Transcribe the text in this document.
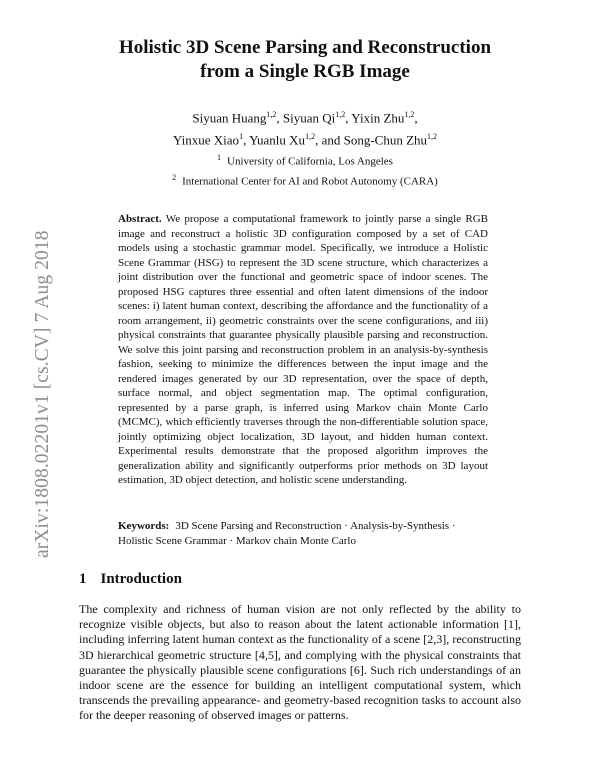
arXiv:1808.02201v1 [cs.CV] 7 Aug 2018
Holistic 3D Scene Parsing and Reconstruction
from a Single RGB Image
Siyuan Huang$^{1,2}$, Siyuan Qi$^{1,2}$, Yixin Zhu$^{1,2}$,
Yinxue Xiao$^1$, Yuanlu Xu$^{1,2}$, and Song-Chun Zhu$^{1,2}$
$^1$ University of California, Los Angeles
$^2$ International Center for AI and Robot Autonomy (CARA)
Abstract. We propose a computational framework to jointly parse a single RGB image and reconstruct a holistic 3D configuration composed by a set of CAD models using a stochastic grammar model. Specifically, we introduce a Holistic Scene Grammar (HSG) to represent the 3D scene structure, which characterizes a joint distribution over the functional and geometric space of indoor scenes. The proposed HSG captures three essential and often latent dimensions of the indoor scenes: i) latent human context, describing the affordance and the functionality of a room arrangement, ii) geometric constraints over the scene configurations, and iii) physical constraints that guarantee physically plausible parsing and reconstruction. We solve this joint parsing and reconstruction problem in an analysis-by-synthesis fashion, seeking to minimize the differences between the input image and the rendered images generated by our 3D representation, over the space of depth, surface normal, and object segmentation map. The optimal configuration, represented by a parse graph, is inferred using Markov chain Monte Carlo (MCMC), which efficiently traverses through the non-differentiable solution space, jointly optimizing object localization, 3D layout, and hidden human context. Experimental results demonstrate that the proposed algorithm improves the generalization ability and significantly outperforms prior methods on 3D layout estimation, 3D object detection, and holistic scene understanding.
Keywords: 3D Scene Parsing and Reconstruction · Analysis-by-Synthesis · Holistic Scene Grammar · Markov chain Monte Carlo
1 Introduction

The complexity and richness of human vision are not only reflected by the ability to recognize visible objects, but also to reason about the latent actionable information [1], including inferring latent human context as the functionality of a scene [2,3], reconstructing 3D hierarchical geometric structure [4,5], and complying with the physical constraints that guarantee the physically plausible scene configurations [6]. Such rich understandings of an indoor scene are the essence for building an intelligent computational system, which transcends the prevailing appearance- and geometry-based recognition tasks to account also for the deeper reasoning of observed images or patterns.
